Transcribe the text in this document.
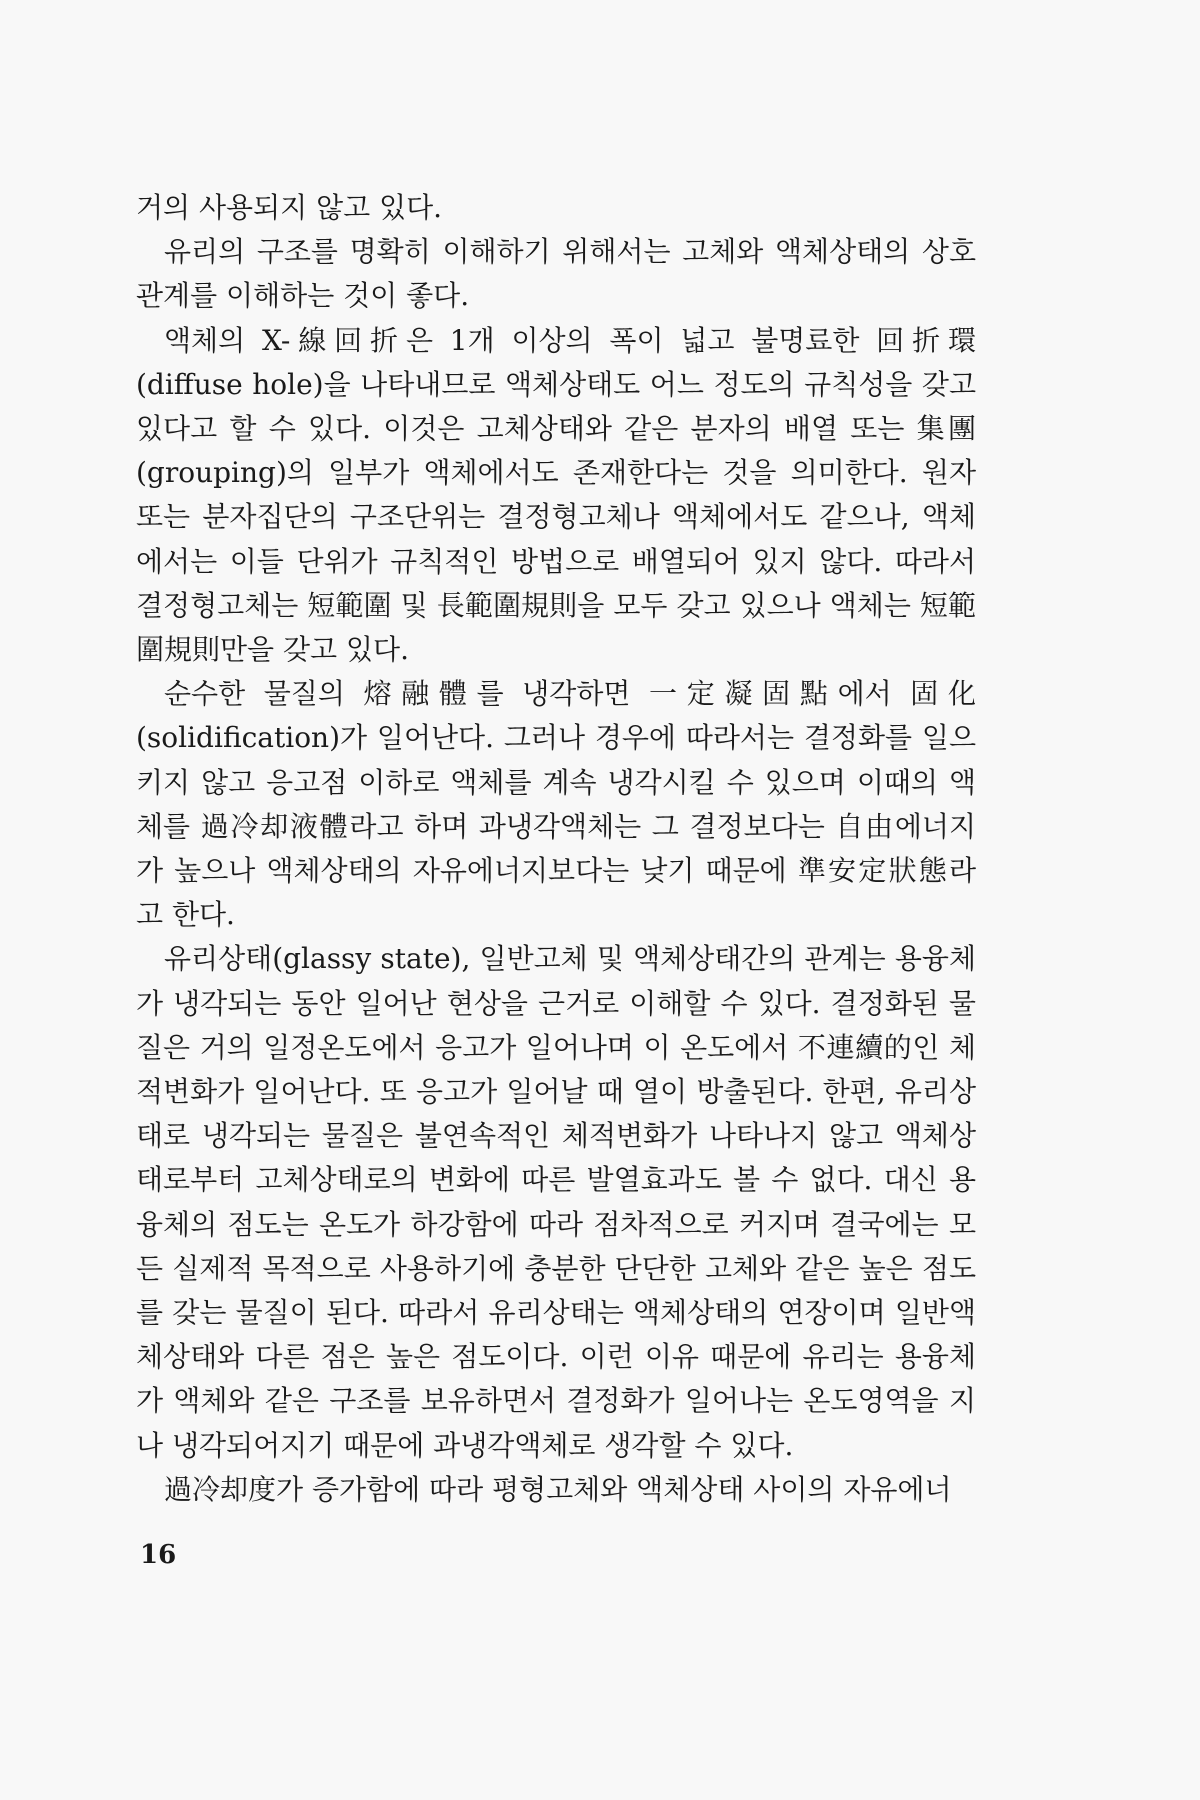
거의 사용되지 않고 있다.

유리의 구조를 명확히 이해하기 위해서는 고체와 액체상태의 상호관계를 이해하는 것이 좋다.

액체의 X-線回折은 1개 이상의 폭이 넓고 불명료한 回折環(diffuse hole)을 나타내므로 액체상태도 어느 정도의 규칙성을 갖고 있다고 할 수 있다. 이것은 고체상태와 같은 분자의 배열 또는 集團(grouping)의 일부가 액체에서도 존재한다는 것을 의미한다. 원자 또는 분자집단의 구조단위는 결정형고체나 액체에서도 같으나, 액체에서는 이들 단위가 규칙적인 방법으로 배열되어 있지 않다. 따라서 결정형고체는 短範圍 및 長範圍規則을 모두 갖고 있으나 액체는 短範圍規則만을 갖고 있다.

순수한 물질의 熔融體를 냉각하면 一定凝固點에서 固化(solidification)가 일어난다. 그러나 경우에 따라서는 결정화를 일으키지 않고 응고점 이하로 액체를 계속 냉각시킬 수 있으며 이때의 액체를 過冷却液體라고 하며 과냉각액체는 그 결정보다는 自由에너지가 높으나 액체상태의 자유에너지보다는 낮기 때문에 準安定狀態라고 한다.

유리상태(glassy state), 일반고체 및 액체상태간의 관계는 용융체가 냉각되는 동안 일어난 현상을 근거로 이해할 수 있다. 결정화된 물질은 거의 일정온도에서 응고가 일어나며 이 온도에서 不連續的인 체적변화가 일어난다. 또 응고가 일어날 때 열이 방출된다. 한편, 유리상태로 냉각되는 물질은 불연속적인 체적변화가 나타나지 않고 액체상태로부터 고체상태로의 변화에 따른 발열효과도 볼 수 없다. 대신 용융체의 점도는 온도가 하강함에 따라 점차적으로 커지며 결국에는 모든 실제적 목적으로 사용하기에 충분한 단단한 고체와 같은 높은 점도를 갖는 물질이 된다. 따라서 유리상태는 액체상태의 연장이며 일반액체상태와 다른 점은 높은 점도이다. 이런 이유 때문에 유리는 용융체가 액체와 같은 구조를 보유하면서 결정화가 일어나는 온도영역을 지나 냉각되어지기 때문에 과냉각액체로 생각할 수 있다.

過冷却度가 증가함에 따라 평형고체와 액체상태 사이의 자유에너

16
